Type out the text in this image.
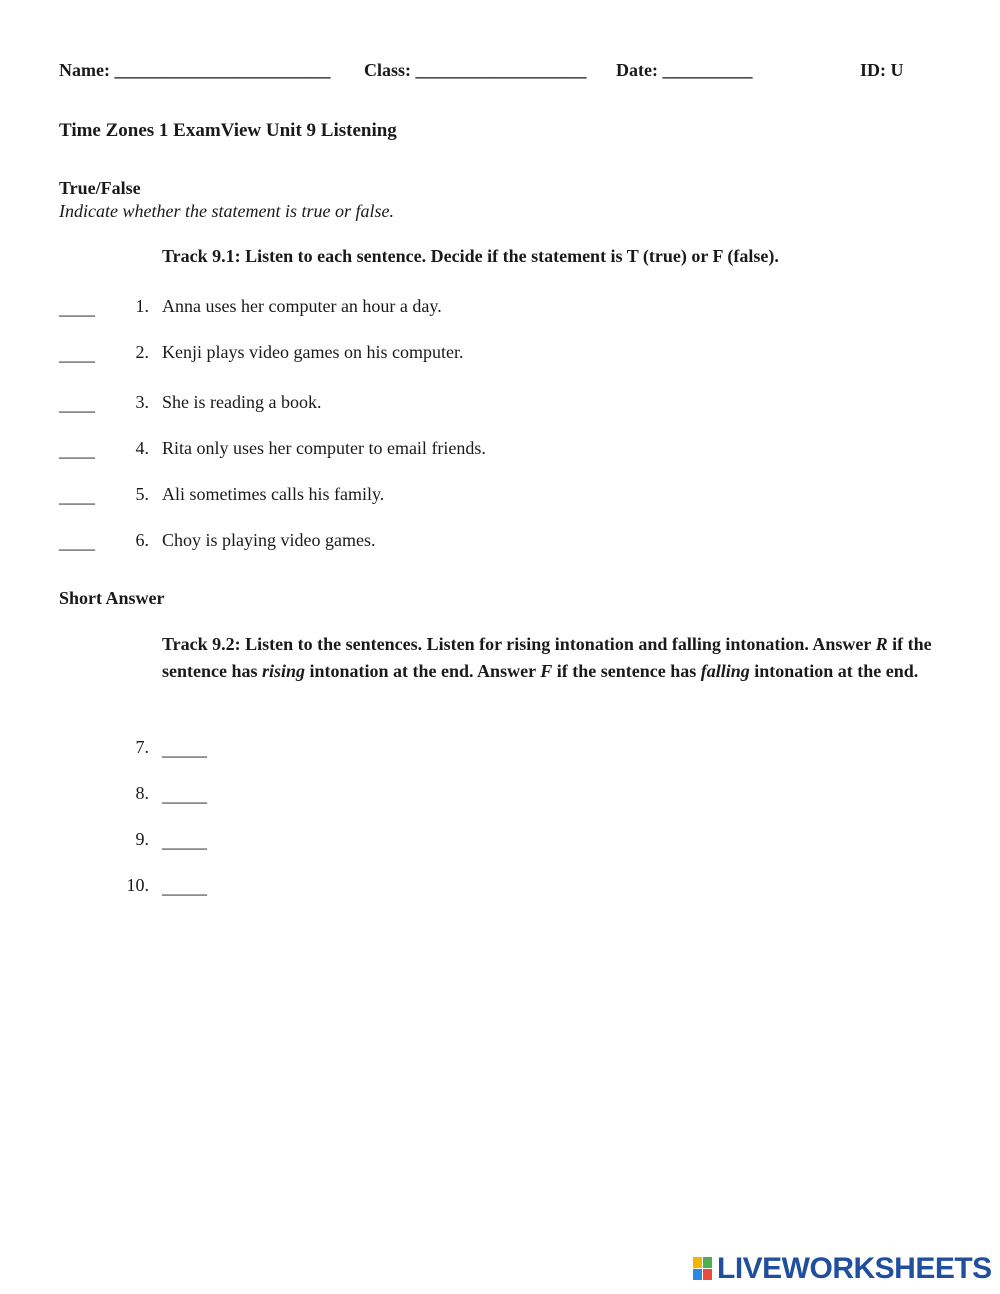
Name: ________________________ Class: ___________________ Date: __________	ID: U
Time Zones 1 ExamView Unit 9 Listening
True/False
Indicate whether the statement is true or false.
Track 9.1: Listen to each sentence. Decide if the statement is T (true) or F (false).
____ 1. Anna uses her computer an hour a day.
____ 2. Kenji plays video games on his computer.
____ 3. She is reading a book.
____ 4. Rita only uses her computer to email friends.
____ 5. Ali sometimes calls his family.
____ 6. Choy is playing video games.
Short Answer
Track 9.2: Listen to the sentences. Listen for rising intonation and falling intonation. Answer R if the sentence has rising intonation at the end. Answer F if the sentence has falling intonation at the end.
7. _____
8. _____
9. _____
10. _____
LIVEWORKSHEETS
